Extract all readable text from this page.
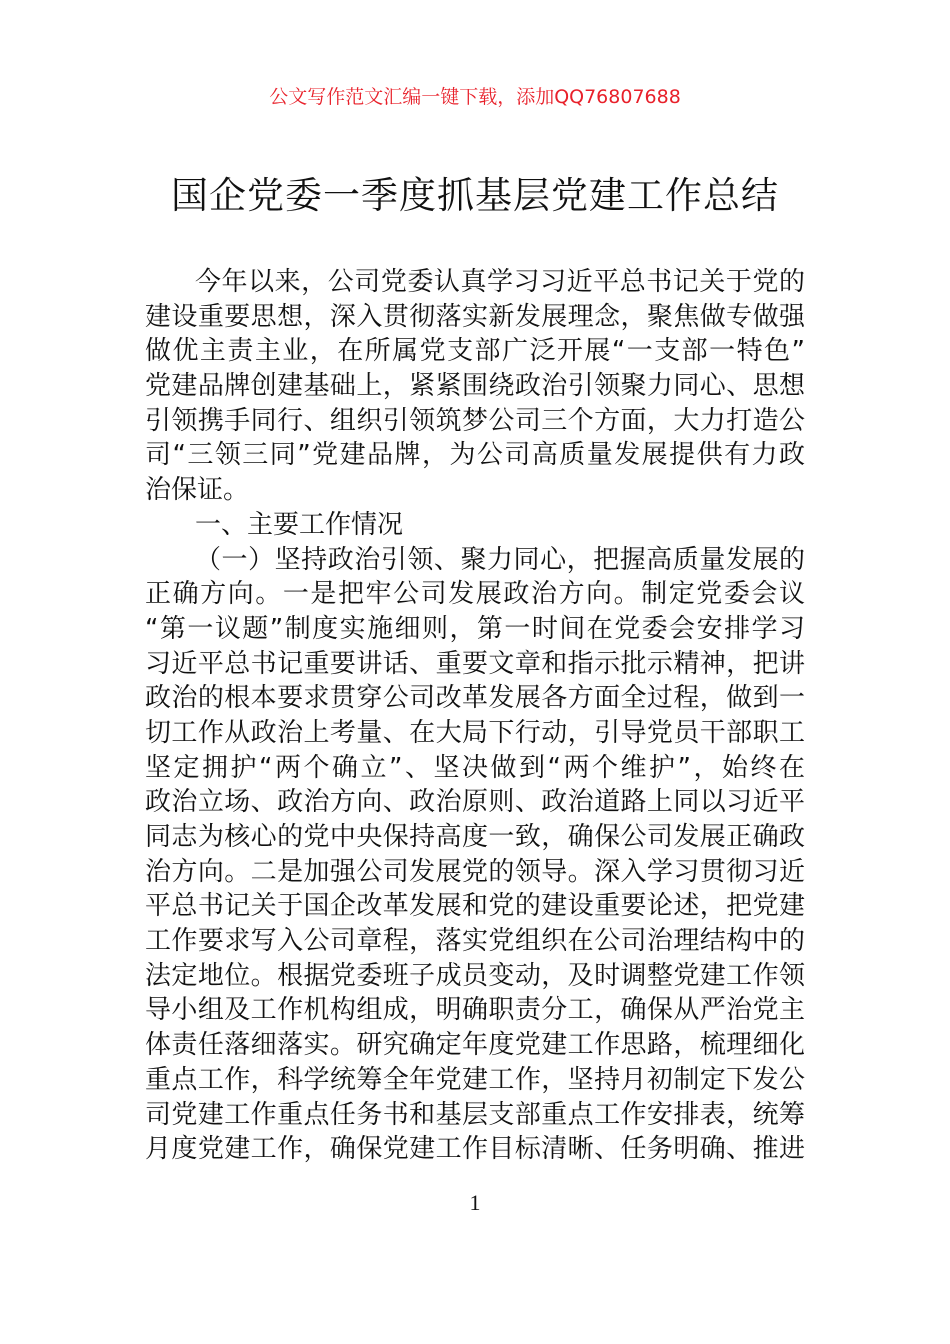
公文写作范文汇编一键下载，添加QQ76807688
国企党委一季度抓基层党建工作总结
今年以来，公司党委认真学习习近平总书记关于党的
建设重要思想，深入贯彻落实新发展理念，聚焦做专做强
做优主责主业，在所属党支部广泛开展“一支部一特色”
党建品牌创建基础上，紧紧围绕政治引领聚力同心、思想
引领携手同行、组织引领筑梦公司三个方面，大力打造公
司“三领三同”党建品牌，为公司高质量发展提供有力政
治保证。
一、主要工作情况
（一）坚持政治引领、聚力同心，把握高质量发展的
正确方向。一是把牢公司发展政治方向。制定党委会议
“第一议题”制度实施细则，第一时间在党委会安排学习
习近平总书记重要讲话、重要文章和指示批示精神，把讲
政治的根本要求贯穿公司改革发展各方面全过程，做到一
切工作从政治上考量、在大局下行动，引导党员干部职工
坚定拥护“两个确立”、坚决做到“两个维护”，始终在
政治立场、政治方向、政治原则、政治道路上同以习近平
同志为核心的党中央保持高度一致，确保公司发展正确政
治方向。二是加强公司发展党的领导。深入学习贯彻习近
平总书记关于国企改革发展和党的建设重要论述，把党建
工作要求写入公司章程，落实党组织在公司治理结构中的
法定地位。根据党委班子成员变动，及时调整党建工作领
导小组及工作机构组成，明确职责分工，确保从严治党主
体责任落细落实。研究确定年度党建工作思路，梳理细化
重点工作，科学统筹全年党建工作，坚持月初制定下发公
司党建工作重点任务书和基层支部重点工作安排表，统筹
月度党建工作，确保党建工作目标清晰、任务明确、推进
1
